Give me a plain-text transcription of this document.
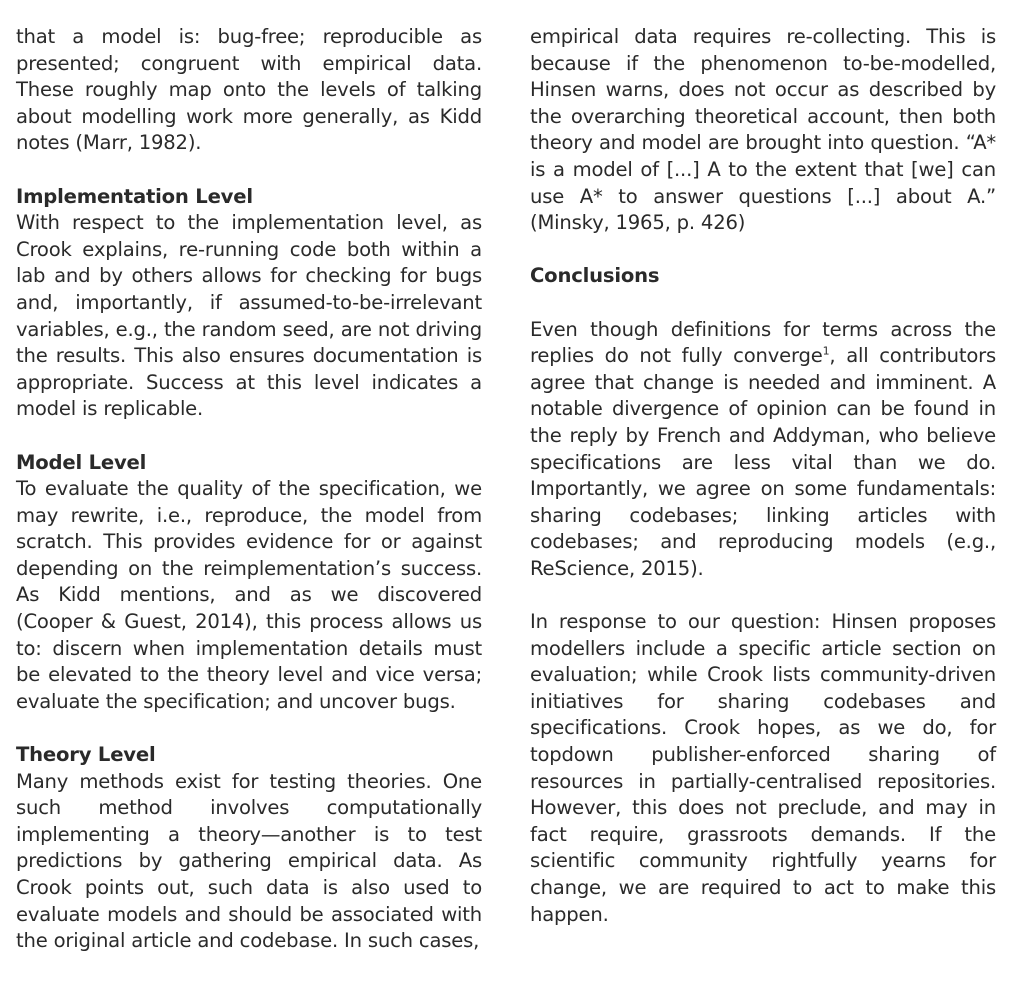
that a model is: bug-free; reproducible as presented; congruent with empirical data. These roughly map onto the levels of talking about modelling work more generally, as Kidd notes (Marr, 1982).

Implementation Level

With respect to the implementation level, as Crook explains, re-running code both within a lab and by others allows for checking for bugs and, importantly, if assumed-to-be-irrelevant variables, e.g., the random seed, are not driving the results. This also ensures documentation is appropriate. Success at this level indicates a model is replicable.

Model Level

To evaluate the quality of the specification, we may rewrite, i.e., reproduce, the model from scratch. This provides evidence for or against depending on the reimplementation’s success. As Kidd mentions, and as we discovered (Cooper & Guest, 2014), this process allows us to: discern when implementation details must be elevated to the theory level and vice versa; evaluate the specification; and uncover bugs.

Theory Level

Many methods exist for testing theories. One such method involves computationally implementing a theory—another is to test predictions by gathering empirical data. As Crook points out, such data is also used to evaluate models and should be associated with the original article and codebase. In such cases,

empirical data requires re-collecting. This is because if the phenomenon to-be-modelled, Hinsen warns, does not occur as described by the overarching theoretical account, then both theory and model are brought into question. “A* is a model of [...] A to the extent that [we] can use A* to answer questions [...] about A.” (Minsky, 1965, p. 426)

Conclusions

Even though definitions for terms across the replies do not fully converge$^1$, all contributors agree that change is needed and imminent. A notable divergence of opinion can be found in the reply by French and Addyman, who believe specifications are less vital than we do. Importantly, we agree on some fundamentals: sharing codebases; linking articles with codebases; and reproducing models (e.g., ReScience, 2015).

In response to our question: Hinsen proposes modellers include a specific article section on evaluation; while Crook lists community-driven initiatives for sharing codebases and specifications. Crook hopes, as we do, for topdown publisher-enforced sharing of resources in partially-centralised repositories. However, this does not preclude, and may in fact require, grassroots demands. If the scientific community rightfully yearns for change, we are required to act to make this happen.
